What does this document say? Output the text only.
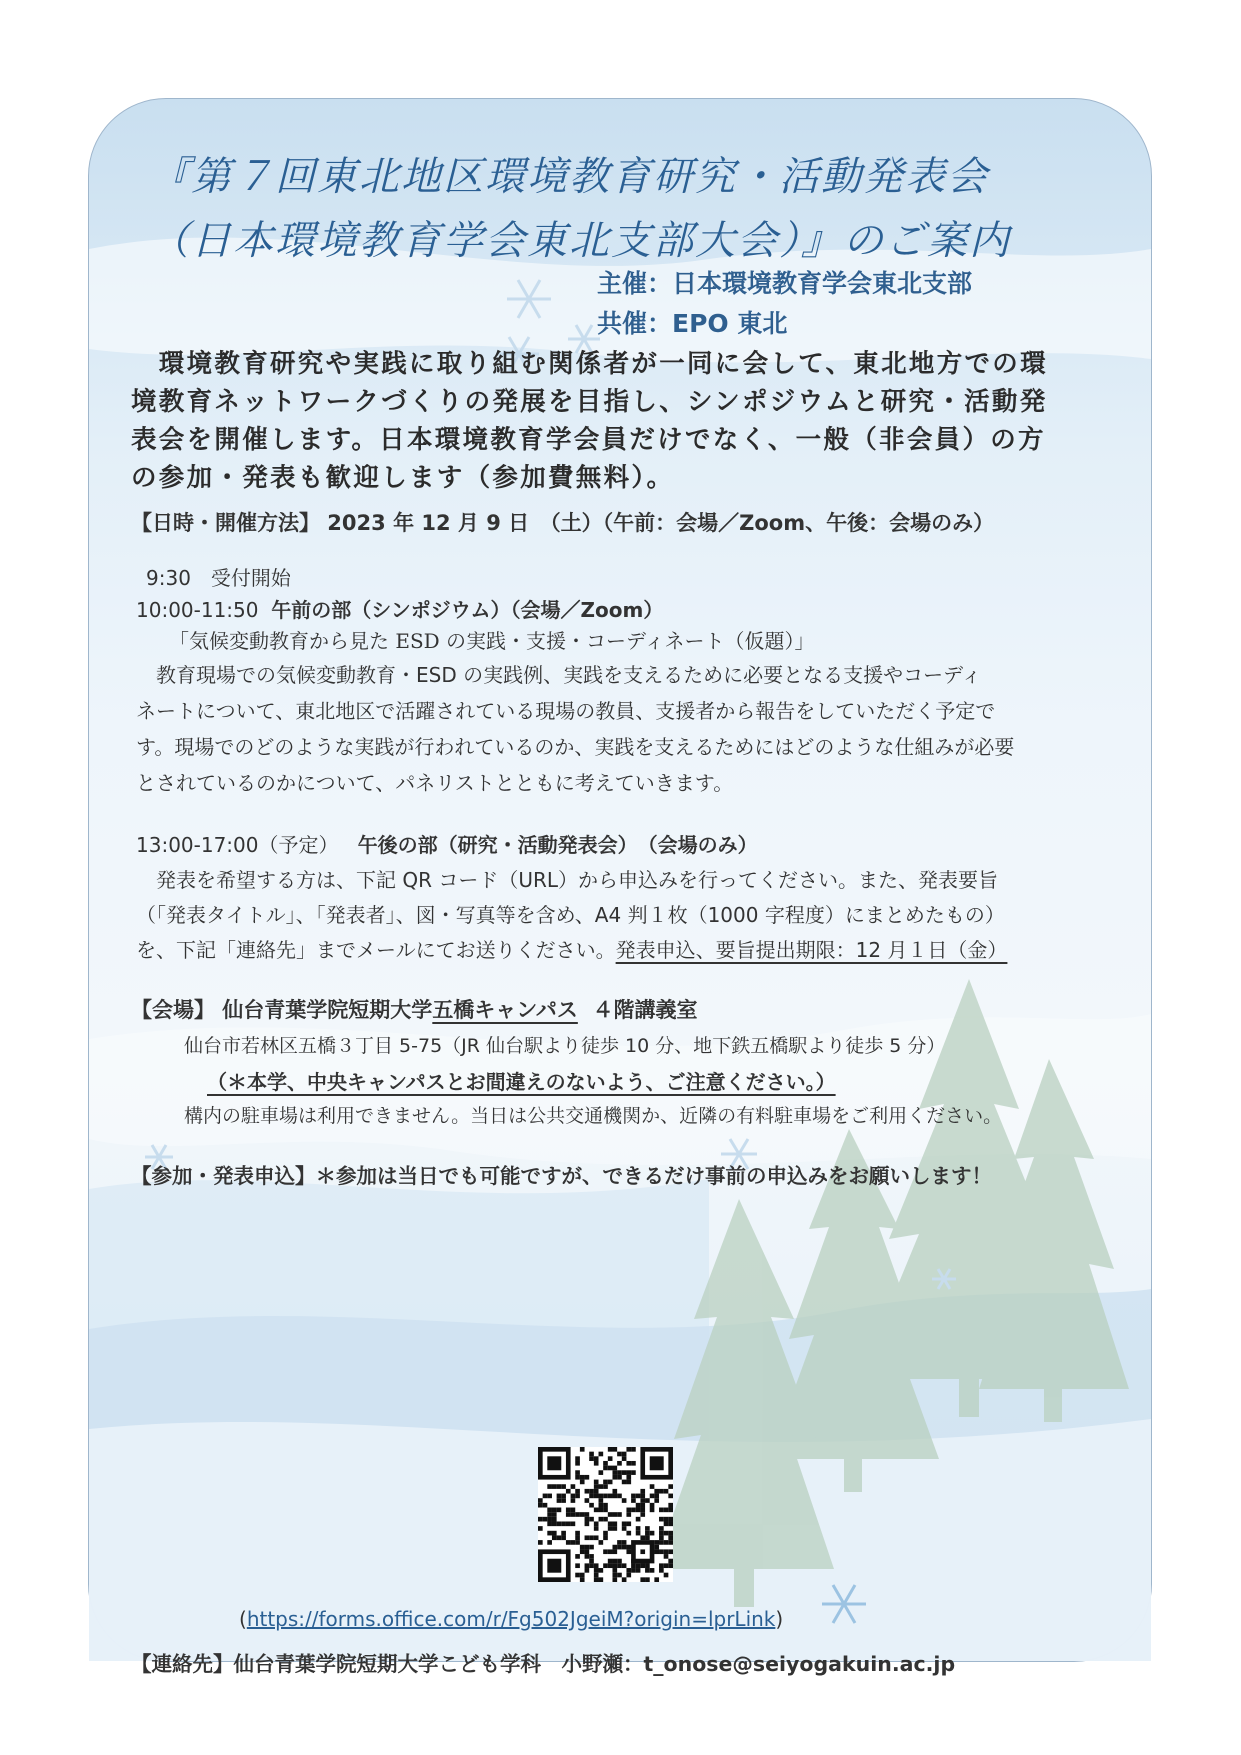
『第７回東北地区環境教育研究・活動発表会
（日本環境教育学会東北支部大会）』のご案内
主催：日本環境教育学会東北支部
共催：EPO 東北
　環境教育研究や実践に取り組む関係者が一同に会して、東北地方での環
境教育ネットワークづくりの発展を目指し、シンポジウムと研究・活動発
表会を開催します。日本環境教育学会員だけでなく、一般（非会員）の方
の参加・発表も歓迎します（参加費無料）。
【日時・開催方法】 2023 年 12 月 9 日　（土）（午前：会場／Zoom、午後：会場のみ）
9:30　受付開始
10:00-11:50 午前の部（シンポジウム）（会場／Zoom）
「気候変動教育から見た ESD の実践・支援・コーディネート（仮題）」
　教育現場での気候変動教育・ESD の実践例、実践を支えるために必要となる支援やコーディ
ネートについて、東北地区で活躍されている現場の教員、支援者から報告をしていただく予定で
す。現場でのどのような実践が行われているのか、実践を支えるためにはどのような仕組みが必要
とされているのかについて、パネリストとともに考えていきます。
13:00-17:00（予定） 午後の部（研究・活動発表会）　（会場のみ）
　発表を希望する方は、下記 QR コード（URL）から申込みを行ってください。また、発表要旨
（「発表タイトル」、「発表者」、図・写真等を含め、A4 判１枚（1000 字程度）にまとめたもの）
を、下記「連絡先」までメールにてお送りください。発表申込、要旨提出期限：12 月１日（金）
【会場】 仙台青葉学院短期大学五橋キャンパス ４階講義室
仙台市若林区五橋３丁目 5-75（JR 仙台駅より徒歩 10 分、地下鉄五橋駅より徒歩 5 分）
（＊本学、中央キャンパスとお間違えのないよう、ご注意ください。）
構内の駐車場は利用できません。当日は公共交通機関か、近隣の有料駐車場をご利用ください。
【参加・発表申込】＊参加は当日でも可能ですが、できるだけ事前の申込みをお願いします！
(https://forms.office.com/r/Fg502JgeiM?origin=lprLink)
【連絡先】仙台青葉学院短期大学こども学科　小野瀬：t_onose@seiyogakuin.ac.jp
